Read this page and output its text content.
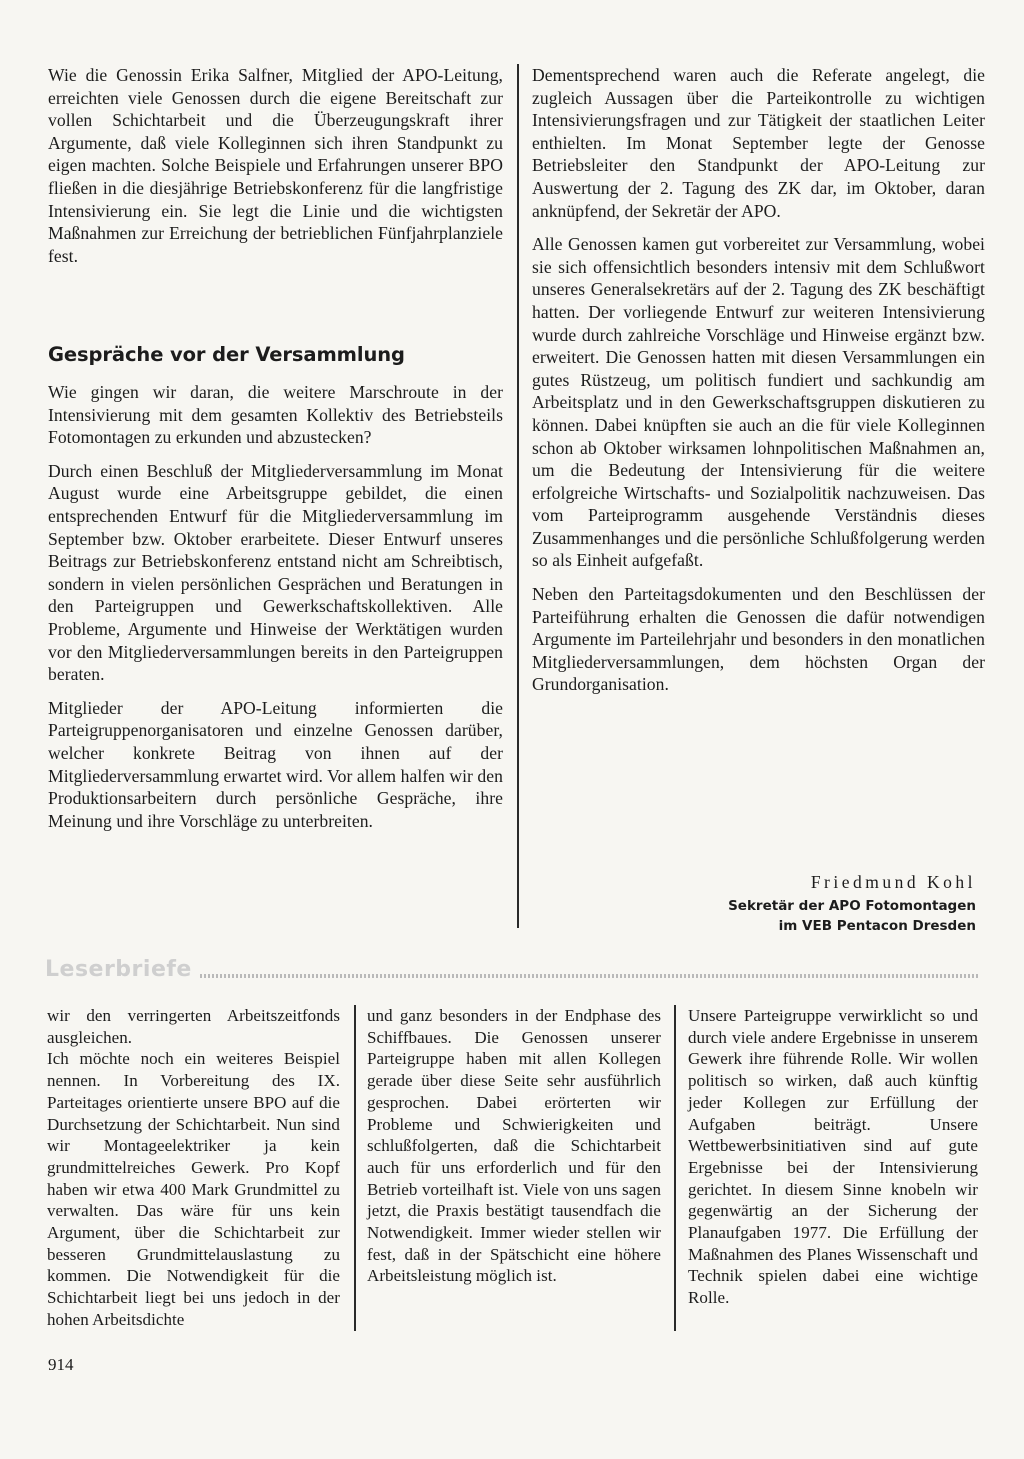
Wie die Genossin Erika Salfner, Mitglied der APO-Leitung, erreichten viele Genossen durch die eigene Bereitschaft zur vollen Schichtarbeit und die Überzeugungskraft ihrer Argumente, daß viele Kolleginnen sich ihren Standpunkt zu eigen machten. Solche Beispiele und Erfahrungen unserer BPO fließen in die diesjährige Betriebskonferenz für die langfristige Intensivierung ein. Sie legt die Linie und die wichtigsten Maßnahmen zur Erreichung der betrieblichen Fünfjahrplanziele fest.

Gespräche vor der Versammlung

Wie gingen wir daran, die weitere Marschroute in der Intensivierung mit dem gesamten Kollektiv des Betriebsteils Fotomontagen zu erkunden und abzustecken?

Durch einen Beschluß der Mitgliederversammlung im Monat August wurde eine Arbeitsgruppe gebildet, die einen entsprechenden Entwurf für die Mitgliederversammlung im September bzw. Oktober erarbeitete. Dieser Entwurf unseres Beitrags zur Betriebskonferenz entstand nicht am Schreibtisch, sondern in vielen persönlichen Gesprächen und Beratungen in den Parteigruppen und Gewerkschaftskollektiven. Alle Probleme, Argumente und Hinweise der Werktätigen wurden vor den Mitgliederversammlungen bereits in den Parteigruppen beraten.

Mitglieder der APO-Leitung informierten die Parteigruppenorganisatoren und einzelne Genossen darüber, welcher konkrete Beitrag von ihnen auf der Mitgliederversammlung erwartet wird. Vor allem halfen wir den Produktionsarbeitern durch persönliche Gespräche, ihre Meinung und ihre Vorschläge zu unterbreiten.

Dementsprechend waren auch die Referate angelegt, die zugleich Aussagen über die Parteikontrolle zu wichtigen Intensivierungsfragen und zur Tätigkeit der staatlichen Leiter enthielten. Im Monat September legte der Genosse Betriebsleiter den Standpunkt der APO-Leitung zur Auswertung der 2. Tagung des ZK dar, im Oktober, daran anknüpfend, der Sekretär der APO.

Alle Genossen kamen gut vorbereitet zur Versammlung, wobei sie sich offensichtlich besonders intensiv mit dem Schlußwort unseres Generalsekretärs auf der 2. Tagung des ZK beschäftigt hatten. Der vorliegende Entwurf zur weiteren Intensivierung wurde durch zahlreiche Vorschläge und Hinweise ergänzt bzw. erweitert. Die Genossen hatten mit diesen Versammlungen ein gutes Rüstzeug, um politisch fundiert und sachkundig am Arbeitsplatz und in den Gewerkschaftsgruppen diskutieren zu können. Dabei knüpften sie auch an die für viele Kolleginnen schon ab Oktober wirksamen lohnpolitischen Maßnahmen an, um die Bedeutung der Intensivierung für die weitere erfolgreiche Wirtschafts- und Sozialpolitik nachzuweisen. Das vom Parteiprogramm ausgehende Verständnis dieses Zusammenhanges und die persönliche Schlußfolgerung werden so als Einheit aufgefaßt.

Neben den Parteitagsdokumenten und den Beschlüssen der Parteiführung erhalten die Genossen die dafür notwendigen Argumente im Parteilehrjahr und besonders in den monatlichen Mitgliederversammlungen, dem höchsten Organ der Grundorganisation.

Friedmund Kohl

Sekretär der APO Fotomontagen

im VEB Pentacon Dresden

Leserbriefe

wir den verringerten Arbeitszeitfonds ausgleichen.

Ich möchte noch ein weiteres Beispiel nennen. In Vorbereitung des IX. Parteitages orientierte unsere BPO auf die Durchsetzung der Schichtarbeit. Nun sind wir Montageelektriker ja kein grundmittelreiches Gewerk. Pro Kopf haben wir etwa 400 Mark Grundmittel zu verwalten. Das wäre für uns kein Argument, über die Schichtarbeit zur besseren Grundmittelauslastung zu kommen. Die Notwendigkeit für die Schichtarbeit liegt bei uns jedoch in der hohen Arbeitsdichte

und ganz besonders in der Endphase des Schiffbaues. Die Genossen unserer Parteigruppe haben mit allen Kollegen gerade über diese Seite sehr ausführlich gesprochen. Dabei erörterten wir Probleme und Schwierigkeiten und schlußfolgerten, daß die Schichtarbeit auch für uns erforderlich und für den Betrieb vorteilhaft ist. Viele von uns sagen jetzt, die Praxis bestätigt tausendfach die Notwendigkeit. Immer wieder stellen wir fest, daß in der Spätschicht eine höhere Arbeitsleistung möglich ist.

Unsere Parteigruppe verwirklicht so und durch viele andere Ergebnisse in unserem Gewerk ihre führende Rolle. Wir wollen politisch so wirken, daß auch künftig jeder Kollegen zur Erfüllung der Aufgaben beiträgt. Unsere Wettbewerbsinitiativen sind auf gute Ergebnisse bei der Intensivierung gerichtet. In diesem Sinne knobeln wir gegenwärtig an der Sicherung der Planaufgaben 1977. Die Erfüllung der Maßnahmen des Planes Wissenschaft und Technik spielen dabei eine wichtige Rolle.

914
